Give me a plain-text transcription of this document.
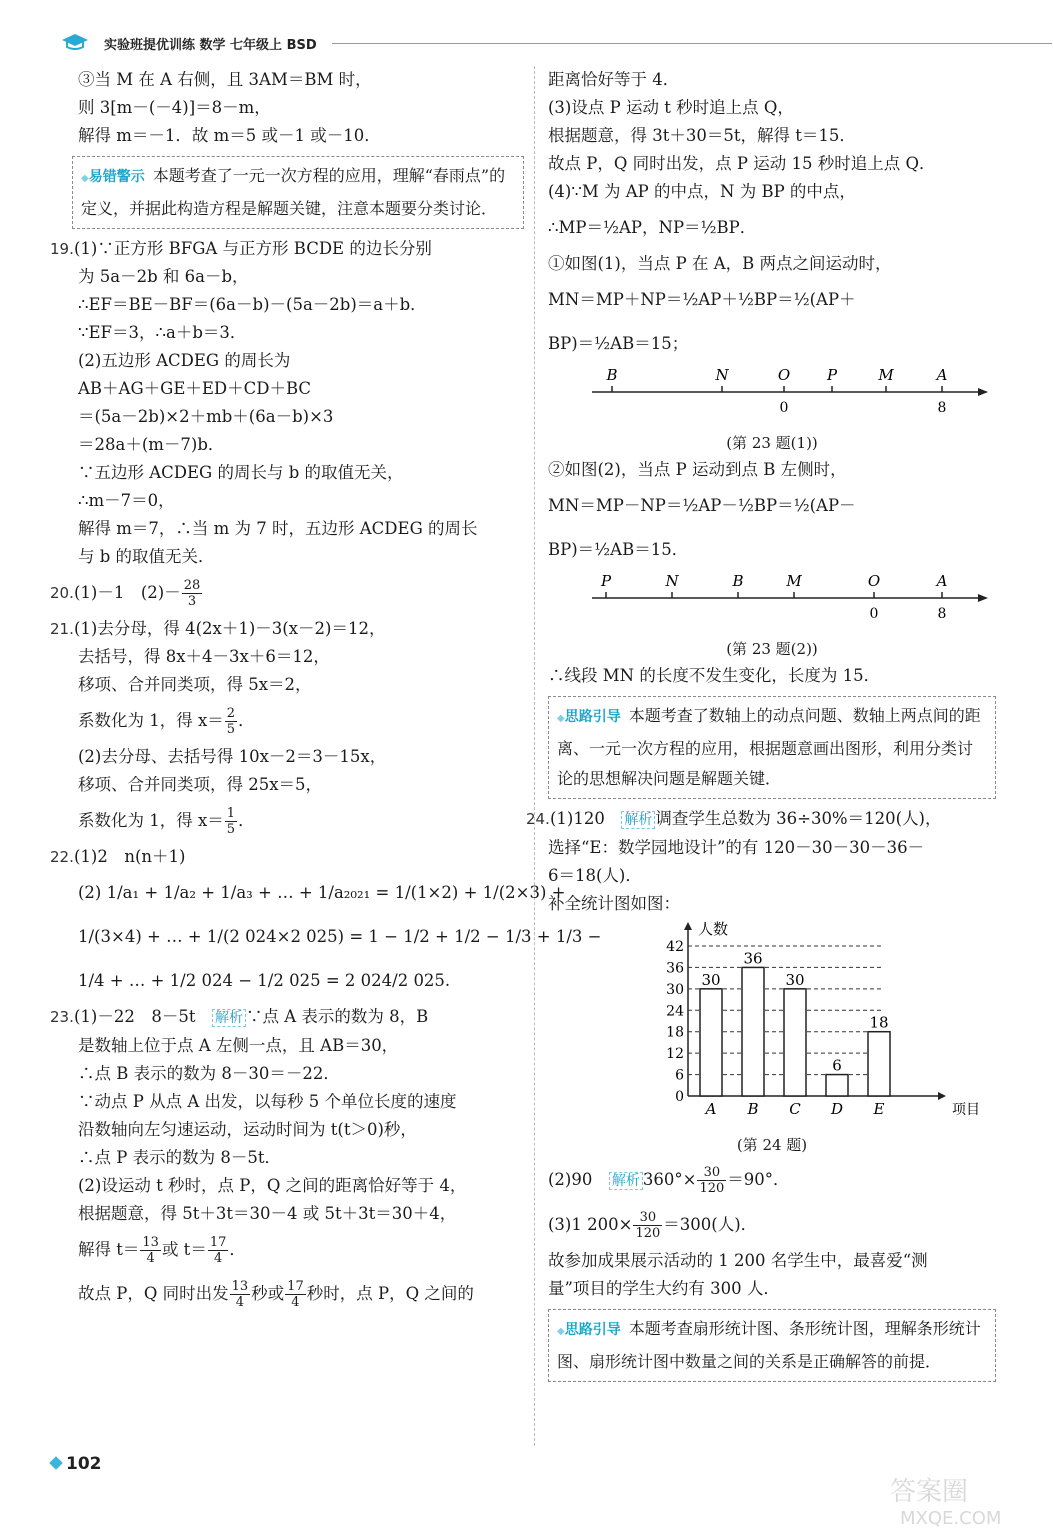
实验班提优训练 数学 七年级上 BSD
③当 M 在 A 右侧，且 3AM＝BM 时，
则 3[m－(－4)]＝8－m，
解得 m＝－1．故 m＝5 或－1 或－10．
◆ 易错警示 本题考查了一元一次方程的应用，理解“春雨点”的定义，并据此构造方程是解题关键，注意本题要分类讨论．
19.(1)∵正方形 BFGA 与正方形 BCDE 的边长分别
为 5a－2b 和 6a－b，
∴EF＝BE－BF＝(6a－b)－(5a－2b)＝a＋b．
∵EF＝3，∴a＋b＝3．
(2)五边形 ACDEG 的周长为
AB＋AG＋GE＋ED＋CD＋BC
＝(5a－2b)×2＋mb＋(6a－b)×3
＝28a＋(m－7)b．
∵五边形 ACDEG 的周长与 b 的取值无关，
∴m－7＝0，
解得 m＝7，∴当 m 为 7 时，五边形 ACDEG 的周长
与 b 的取值无关．
20.(1)－1　$(2)- \frac{28}{3}$
21.(1)去分母，得 4(2x＋1)－3(x－2)＝12，
去括号，得 8x＋4－3x＋6＝12，
移项、合并同类项，得 5x＝2，
系数化为 1，得 $x= \frac{2}{5}$ ．
(2)去分母、去括号得 10x－2＝3－15x，
移项、合并同类项，得 25x＝5，
系数化为 1，得 $x= \frac{1}{5}$ ．
22.(1)2　n(n＋1)
(2) 1/a₁ + 1/a₂ + 1/a₃ + … + 1/a₂₀₂₁ = 1/(1×2) + 1/(2×3) +
1/(3×4) + … + 1/(2 024×2 025) = 1 − 1/2 + 1/2 − 1/3 + 1/3 −
1/4 + … + 1/2 024 − 1/2 025 = 2 024/2 025.
23.(1)－22　8－5t　解析 ∵点 A 表示的数为 8，B
是数轴上位于点 A 左侧一点，且 AB＝30，
∴点 B 表示的数为 8－30＝－22．
∵动点 P 从点 A 出发，以每秒 5 个单位长度的速度
沿数轴向左匀速运动，运动时间为 t(t＞0)秒，
∴点 P 表示的数为 8－5t．
(2)设运动 t 秒时，点 P，Q 之间的距离恰好等于 4，
根据题意，得 5t＋3t＝30－4 或 5t＋3t＝30＋4，
解得 $t= \frac{13}{4}$ 或 $t= \frac{17}{4}$ ．
故点 P，Q 同时出发 $\frac{13}{4}$ 秒或 $\frac{17}{4}$ 秒时，点 P，Q 之间的
距离恰好等于 4．
(3)设点 P 运动 t 秒时追上点 Q，
根据题意，得 3t＋30＝5t，解得 t＝15．
故点 P，Q 同时出发，点 P 运动 15 秒时追上点 Q．
(4)∵M 为 AP 的中点，N 为 BP 的中点，
∴MP＝½AP，NP＝½BP．
①如图(1)，当点 P 在 A，B 两点之间运动时，
MN＝MP＋NP＝½AP＋½BP＝½(AP＋
BP)＝½AB＝15；
B	N	O P	M	A
0	8
(第 23 题(1))
②如图(2)，当点 P 运动到点 B 左侧时，
MN＝MP－NP＝½AP－½BP＝½(AP－
BP)＝½AB＝15．
P	N	B	M	O	A
0	8
(第 23 题(2))
∴线段 MN 的长度不发生变化，长度为 15．
◆ 思路引导 本题考查了数轴上的动点问题、数轴上两点间的距离、一元一次方程的应用，根据题意画出图形，利用分类讨论的思想解决问题是解题关键．
24.(1)120　解析 调查学生总数为 36÷30%＝120(人)，
选择“E：数学园地设计”的有 120－30－30－36－
6＝18(人)．
补全统计图如图：
人数
项目
0
6
12
18
24
30
36
42
30
A
36
B
30
C
6
D
18
E
(第 24 题)
(2)90　解析 $360^\circ\times \frac{30}{120} =90^\circ$．
(3)1 $200\times \frac{30}{120} =300$(人)．
故参加成果展示活动的 1 200 名学生中，最喜爱“测
量”项目的学生大约有 300 人．
◆ 思路引导 本题考查扇形统计图、条形统计图，理解条形统计图、扇形统计图中数量之间的关系是正确解答的前提．
102
答案圈
MXQE.COM
